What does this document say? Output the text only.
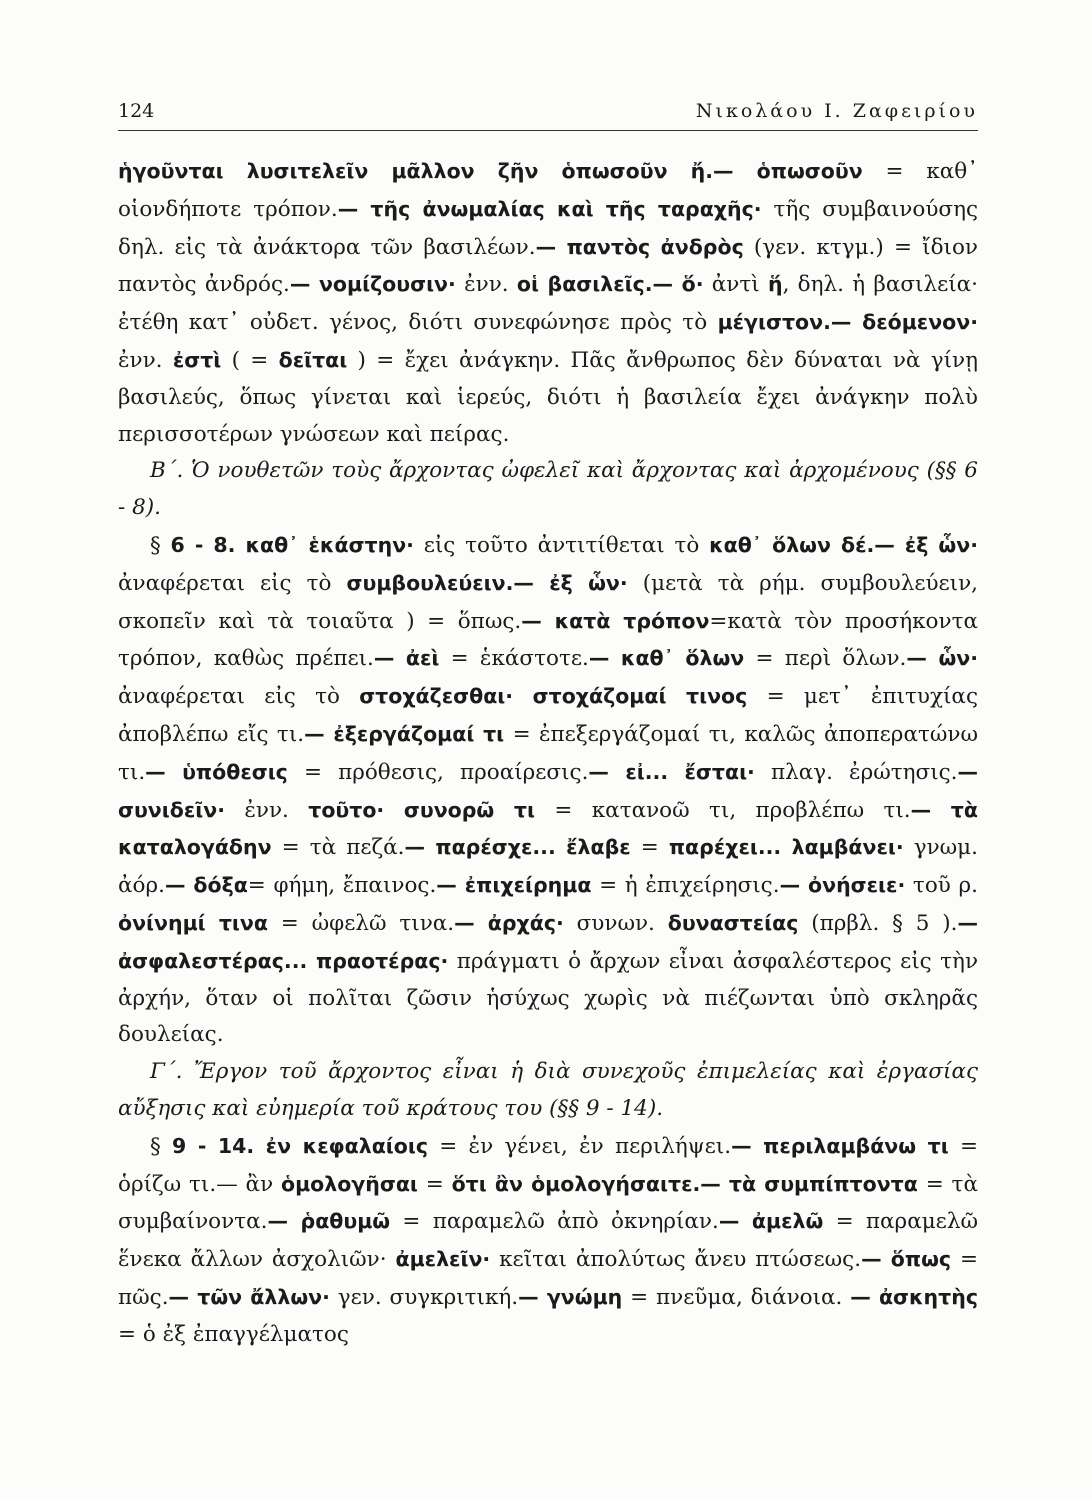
124	Νικολάου Ι. Ζαφειρίου

ἡγοῦνται λυσιτελεῖν μᾶλλον ζῆν ὁπωσοῦν ἤ.— ὁπωσοῦν = καθ᾽ οἱονδήποτε τρόπον.— τῆς ἀνωμαλίας καὶ τῆς ταραχῆς· τῆς συμβαινούσης δηλ. εἰς τὰ ἀνάκτορα τῶν βασιλέων.— παντὸς ἀνδρὸς (γεν. κτγμ.) = ἴδιον παντὸς ἀνδρός.— νομίζουσιν· ἐνν. οἱ βασιλεῖς.— ὅ· ἀντὶ ἥ, δηλ. ἡ βασιλεία· ἐτέθη κατ᾽ οὐδετ. γένος, διότι συνεφώνησε πρὸς τὸ μέγιστον.— δεόμενον· ἐνν. ἐστὶ ( = δεῖται ) = ἔχει ἀνάγκην. Πᾶς ἄνθρωπος δὲν δύναται νὰ γίνῃ βασιλεύς, ὅπως γίνεται καὶ ἱερεύς, διότι ἡ βασιλεία ἔχει ἀνάγκην πολὺ περισσοτέρων γνώσεων καὶ πείρας.

Β΄. Ὁ νουθετῶν τοὺς ἄρχοντας ὠφελεῖ καὶ ἄρχοντας καὶ ἀρχομένους (§§ 6 - 8).

§ 6 - 8. καθ᾽ ἑκάστην· εἰς τοῦτο ἀντιτίθεται τὸ καθ᾽ ὅλων δέ.— ἐξ ὧν· ἀναφέρεται εἰς τὸ συμβουλεύειν.— ἐξ ὧν· (μετὰ τὰ ρήμ. συμβουλεύειν, σκοπεῖν καὶ τὰ τοιαῦτα ) = ὅπως.— κατὰ τρόπον=κατὰ τὸν προσήκοντα τρόπον, καθὼς πρέπει.— ἀεὶ = ἑκάστοτε.— καθ᾽ ὅλων = περὶ ὅλων.— ὧν· ἀναφέρεται εἰς τὸ στοχάζεσθαι· στοχάζομαί τινος = μετ᾽ ἐπιτυχίας ἀποβλέπω εἴς τι.— ἐξεργάζομαί τι = ἐπεξεργάζομαί τι, καλῶς ἀποπερατώνω τι.— ὑπόθεσις = πρόθεσις, προαίρεσις.— εἰ... ἔσται· πλαγ. ἐρώτησις.— συνιδεῖν· ἐνν. τοῦτο· συνορῶ τι = κατανοῶ τι, προβλέπω τι.— τὰ καταλογάδην = τὰ πεζά.— παρέσχε... ἔλαβε = παρέχει... λαμβάνει· γνωμ. ἀόρ.— δόξα= φήμη, ἔπαινος.— ἐπιχείρημα = ἡ ἐπιχείρησις.— ὀνήσειε· τοῦ ρ. ὀνίνημί τινα = ὠφελῶ τινα.— ἀρχάς· συνων. δυναστείας (πρβλ. § 5 ).— ἀσφαλεστέρας... πραοτέρας· πράγματι ὁ ἄρχων εἶναι ἀσφαλέστερος εἰς τὴν ἀρχήν, ὅταν οἱ πολῖται ζῶσιν ἡσύχως χωρὶς νὰ πιέζωνται ὑπὸ σκληρᾶς δουλείας.

Γ΄. Ἔργον τοῦ ἄρχοντος εἶναι ἡ διὰ συνεχοῦς ἐπιμελείας καὶ ἐργασίας αὔξησις καὶ εὐημερία τοῦ κράτους του (§§ 9 - 14).

§ 9 - 14. ἐν κεφαλαίοις = ἐν γένει, ἐν περιλήψει.— περιλαμβάνω τι = ὁρίζω τι.— ἂν ὁμολογῆσαι = ὅτι ἂν ὁμολογήσαιτε.— τὰ συμπίπτοντα = τὰ συμβαίνοντα.— ῥαθυμῶ = παραμελῶ ἀπὸ ὀκνηρίαν.— ἀμελῶ = παραμελῶ ἕνεκα ἄλλων ἀσχολιῶν· ἀμελεῖν· κεῖται ἀπολύτως ἄνευ πτώσεως.— ὅπως = πῶς.— τῶν ἄλλων· γεν. συγκριτική.— γνώμη = πνεῦμα, διάνοια. — ἀσκητὴς = ὁ ἐξ ἐπαγγέλματος
